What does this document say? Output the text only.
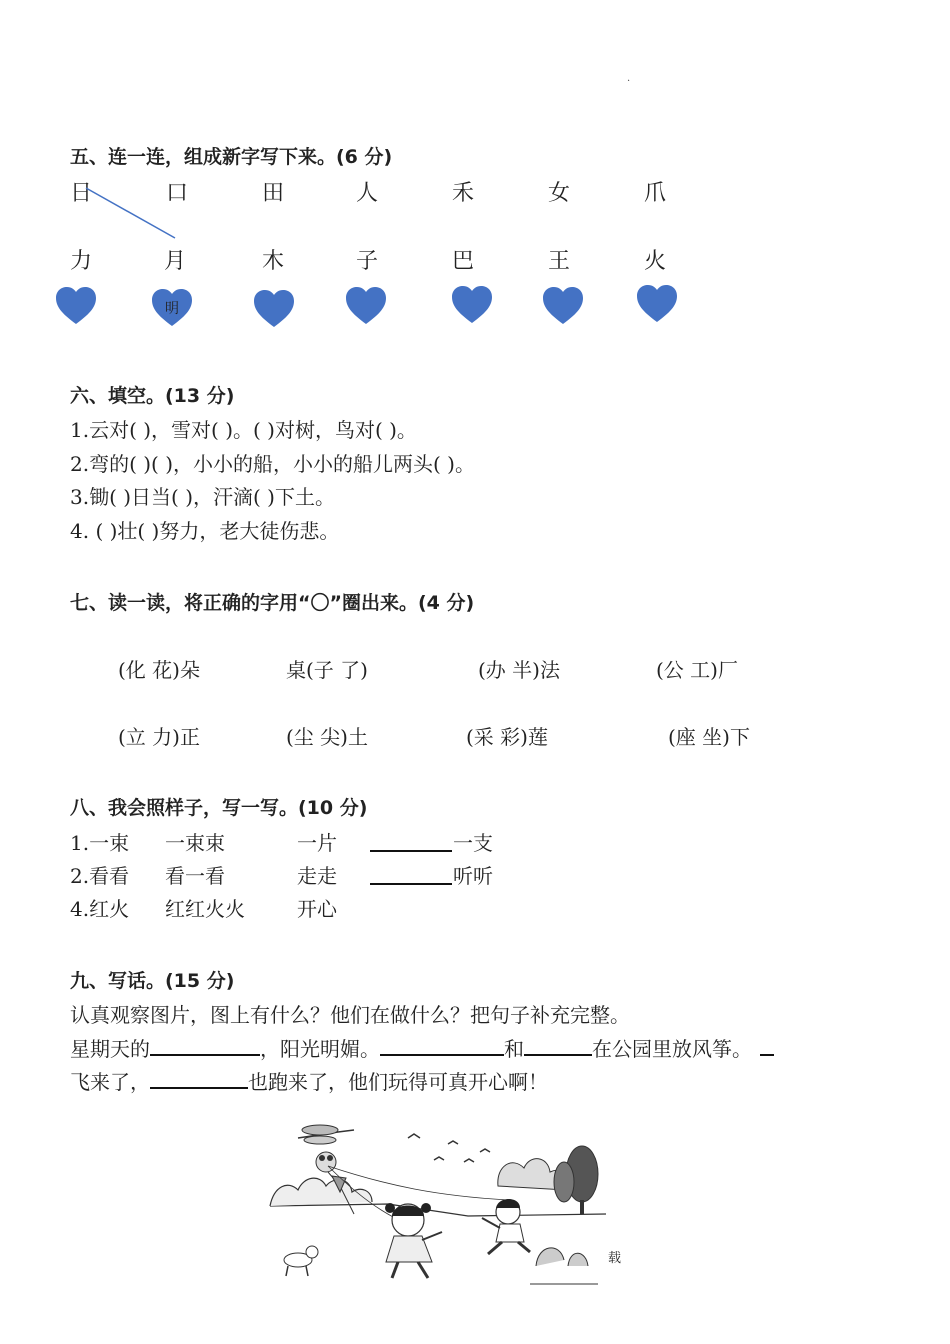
·
五、连一连，组成新字写下来。(6 分)
日	口	田	人	禾	女	爪
力	月	木	子	巴	王	火
明
六、填空。(13 分)
1.云对( )，雪对( )。( )对树，鸟对( )。
2.弯的( )( )，小小的船，小小的船儿两头( )。
3.锄( )日当( )，汗滴( )下土。
4. ( )壮( )努力，老大徒伤悲。
七、读一读，将正确的字用“〇”圈出来。(4 分)
(化 花)朵	桌(子 了)	(办 半)法	(公 工)厂
(立 力)正	(尘 尖)土	(采 彩)莲	(座 坐)下
八、我会照样子，写一写。(10 分)
1.一束 一束束	一片	一支
2.看看 看一看	走走	听听
4.红火 红红火火	开心
九、写话。(15 分)
认真观察图片，图上有什么？他们在做什么？把句子补充完整。
星期天的	，阳光明媚。	和	在公园里放风筝。
飞来了，	也跑来了，他们玩得可真开心啊！
载
